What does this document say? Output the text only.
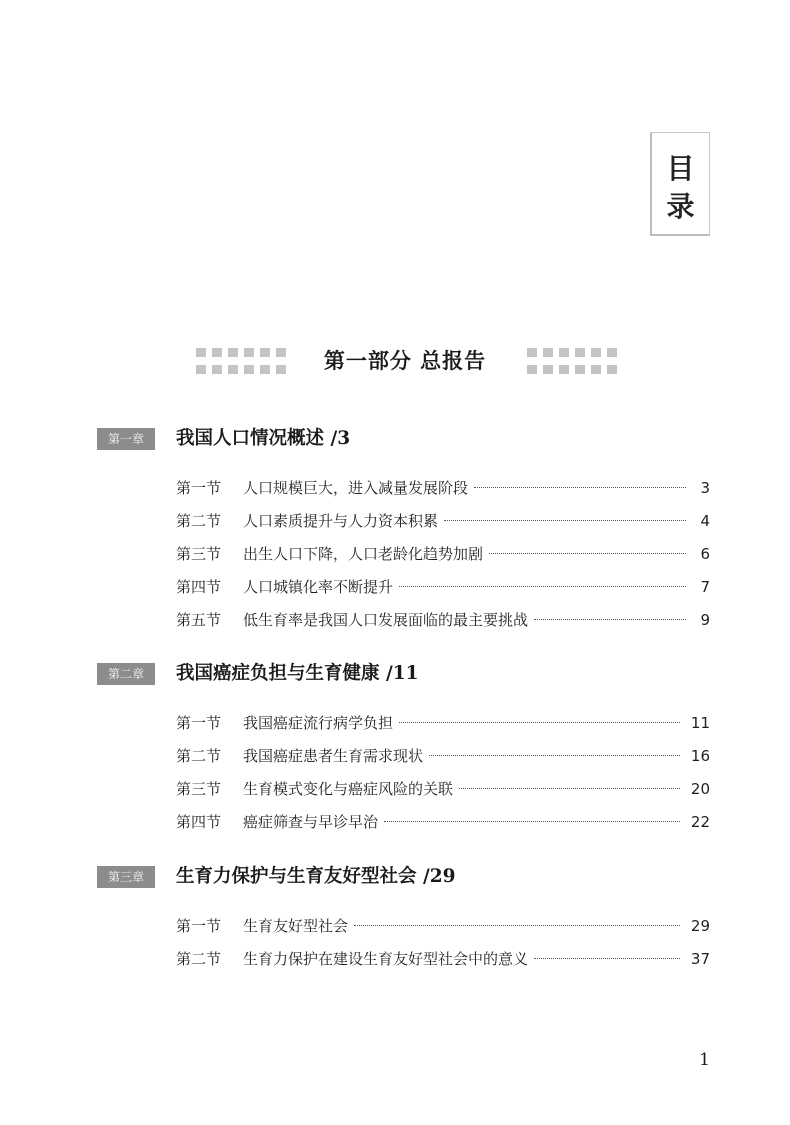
目
录
第一部分 总报告
第一章	我国人口情况概述 /3
第一节	人口规模巨大，进入减量发展阶段	3
第二节	人口素质提升与人力资本积累	4
第三节	出生人口下降，人口老龄化趋势加剧	6
第四节	人口城镇化率不断提升	7
第五节	低生育率是我国人口发展面临的最主要挑战	9
第二章	我国癌症负担与生育健康 /11
第一节	我国癌症流行病学负担	11
第二节	我国癌症患者生育需求现状	16
第三节	生育模式变化与癌症风险的关联	20
第四节	癌症筛查与早诊早治	22
第三章	生育力保护与生育友好型社会 /29
第一节	生育友好型社会	29
第二节	生育力保护在建设生育友好型社会中的意义	37
1
